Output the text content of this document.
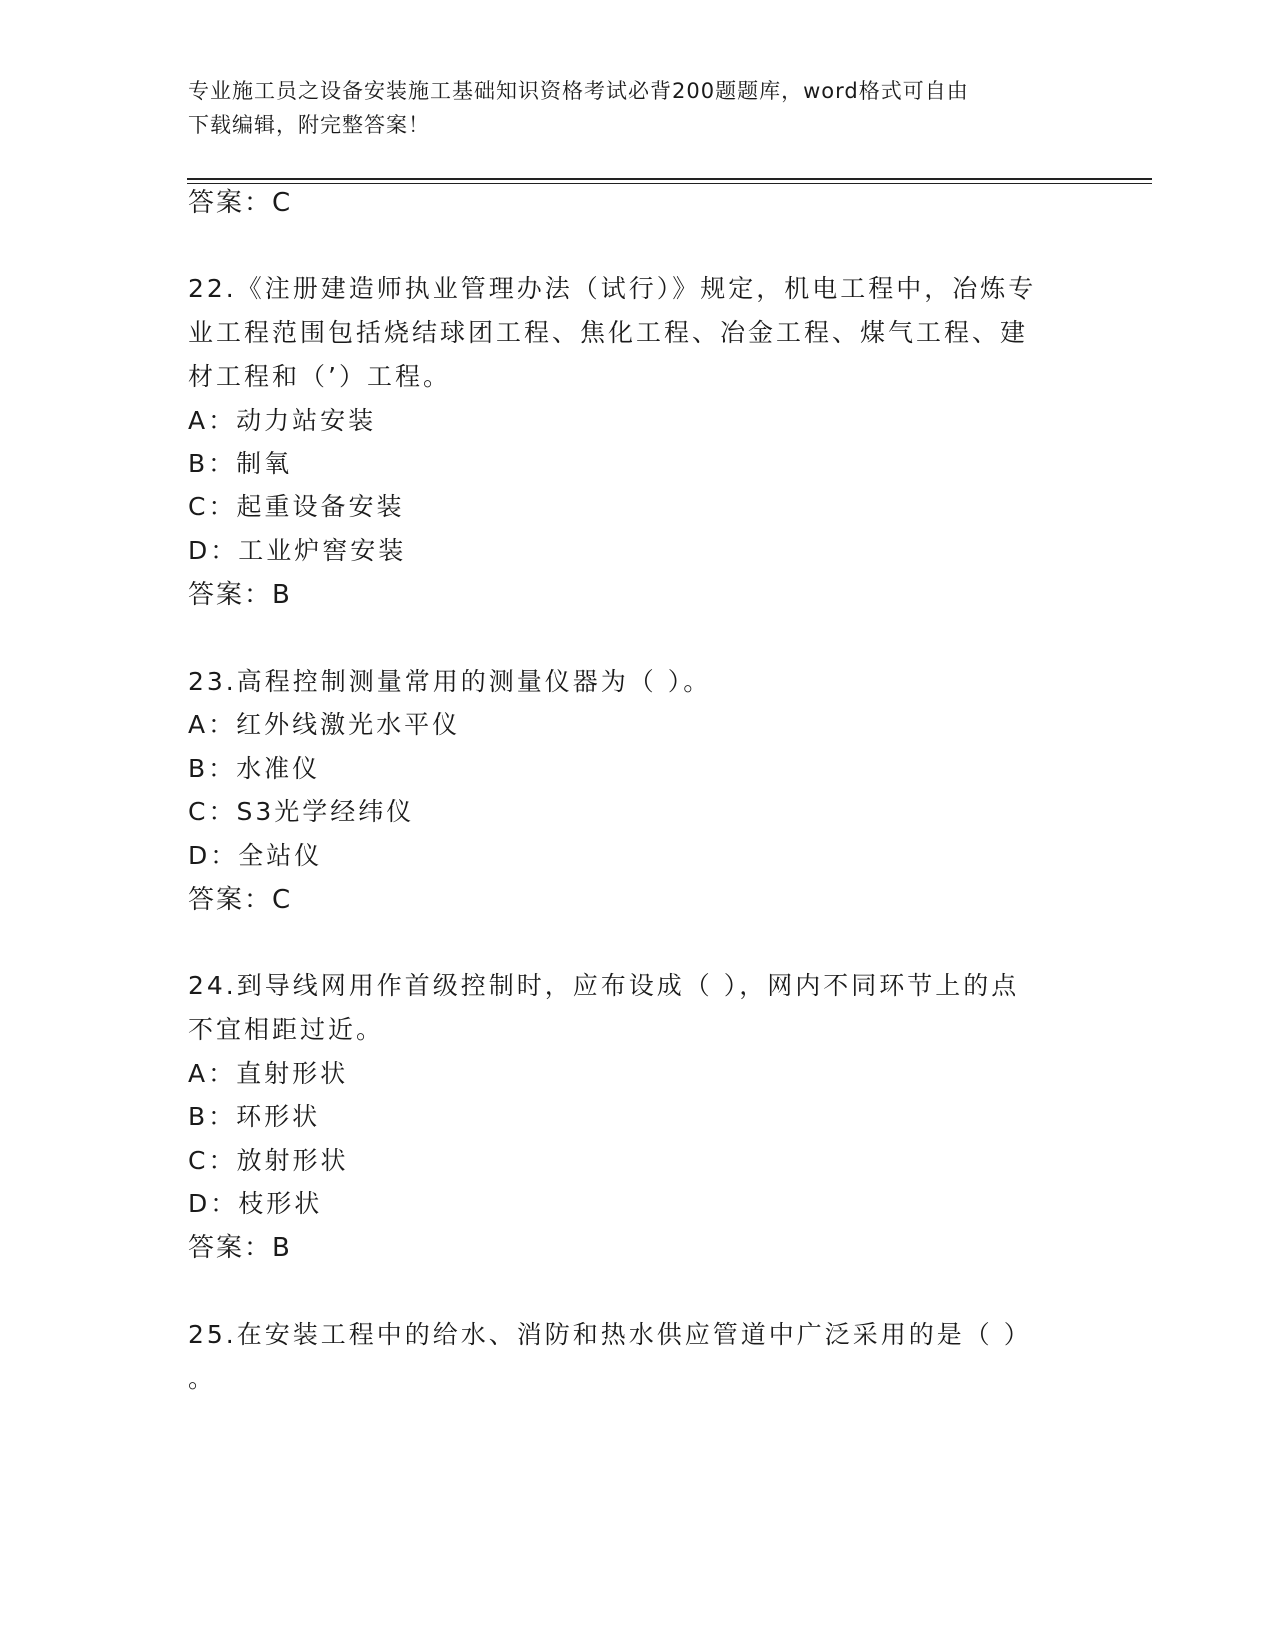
专业施工员之设备安装施工基础知识资格考试必背200题题库，word格式可自由
下载编辑，附完整答案！
答案：C
22.《注册建造师执业管理办法（试行）》规定，机电工程中，冶炼专
业工程范围包括烧结球团工程、焦化工程、冶金工程、煤气工程、建
材工程和（’）工程。
A：动力站安装
B：制氧
C：起重设备安装
D：工业炉窖安装
答案：B
23.高程控制测量常用的测量仪器为（ ）。
A：红外线激光水平仪
B：水准仪
C：S3光学经纬仪
D：全站仪
答案：C
24.到导线网用作首级控制时，应布设成（ ），网内不同环节上的点
不宜相距过近。
A：直射形状
B：环形状
C：放射形状
D：枝形状
答案：B
25.在安装工程中的给水、消防和热水供应管道中广泛采用的是（ ）
。
